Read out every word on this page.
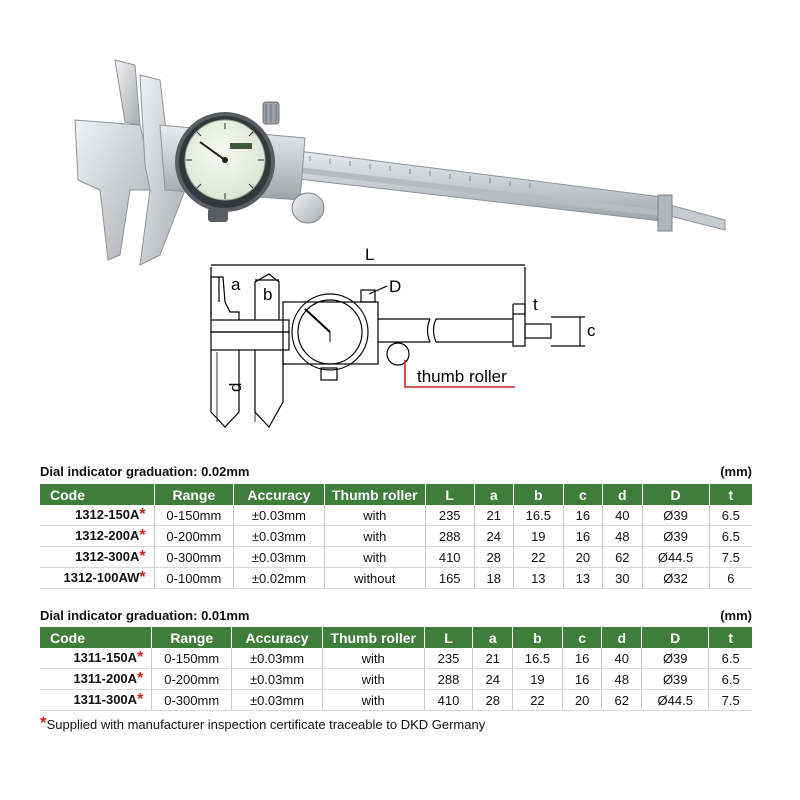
L
a
b	D
t
c
d
thumb roller
Dial indicator graduation: 0.02mm	(mm)
Code	Range	Accuracy	Thumb roller	L	a	b	c	d	D	t
1312-150A*	0-150mm	±0.03mm	with	235	21	16.5	16	40	Ø39	6.5
1312-200A*	0-200mm	±0.03mm	with	288	24	19	16	48	Ø39	6.5
1312-300A*	0-300mm	±0.03mm	with	410	28	22	20	62	Ø44.5	7.5
1312-100AW*	0-100mm	±0.02mm	without	165	18	13	13	30	Ø32	6
Dial indicator graduation: 0.01mm	(mm)
Code	Range	Accuracy	Thumb roller	L	a	b	c	d	D	t
1311-150A*	0-150mm	±0.03mm	with	235	21	16.5	16	40	Ø39	6.5
1311-200A*	0-200mm	±0.03mm	with	288	24	19	16	48	Ø39	6.5
1311-300A*	0-300mm	±0.03mm	with	410	28	22	20	62	Ø44.5	7.5
*Supplied with manufacturer inspection certificate traceable to DKD Germany
